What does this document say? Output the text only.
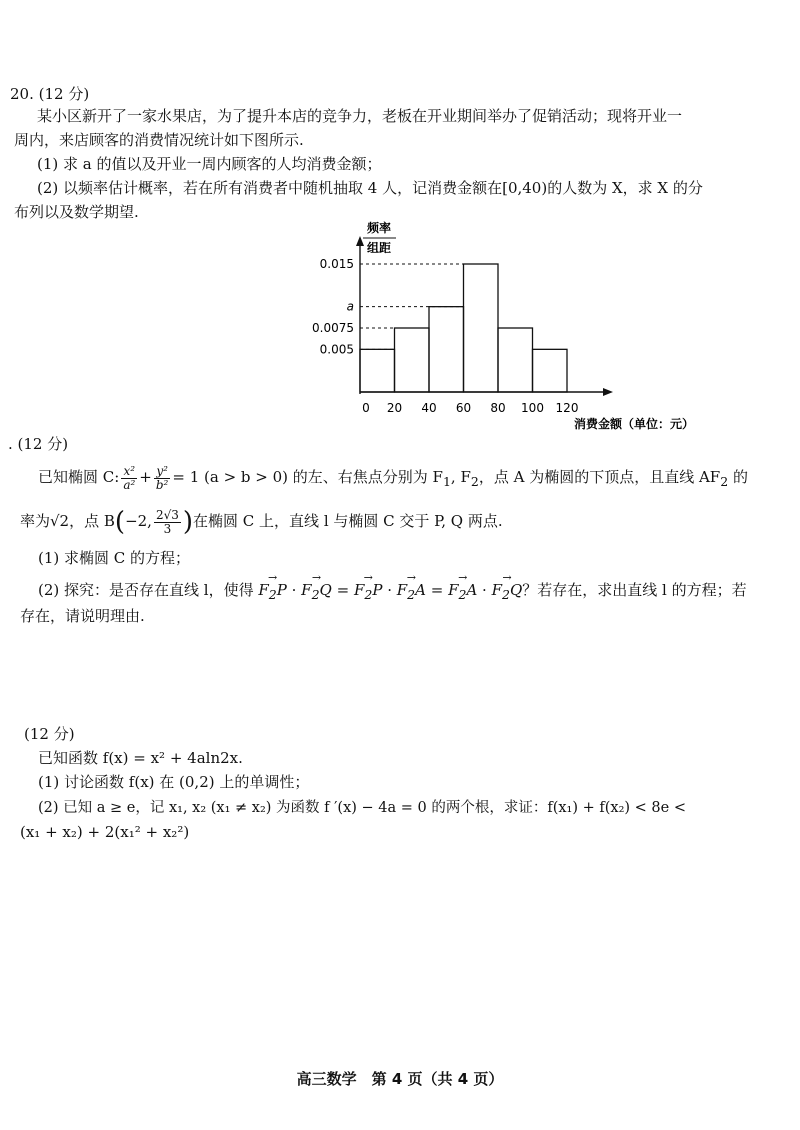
20. (12 分)
某小区新开了一家水果店，为了提升本店的竞争力，老板在开业期间举办了促销活动；现将开业一
周内，来店顾客的消费情况统计如下图所示.
(1) 求 a 的值以及开业一周内顾客的人均消费金额；
(2) 以频率估计概率，若在所有消费者中随机抽取 4 人，记消费金额在[0,40)的人数为 X，求 X 的分
布列以及数学期望.
频率
组距
0.005
0.0075
a
0.015
0 20 40 60 80 100 120
消费金额（单位：元）
. (12 分)
已知椭圆 C: $\frac{\text{x²}}{\text{a²}} + \frac{\text{y²}}{\text{b²}} = 1$ (a > b > 0) 的左、右焦点分别为 $F_1$, $F_2$，点 A 为椭圆的下顶点，且直线 $AF_2$ 的
率为√2，点 B(−2, $\frac{2√3}{3}$ )在椭圆 C 上，直线 l 与椭圆 C 交于 P, Q 两点.
(1) 求椭圆 C 的方程；
(2) 探究：是否存在直线 l，使得 → $F_2P$ · → $F_2Q$ = → $F_2P$ · → $F_2A$ = → $F_2A$ · → $F_2Q$？若存在，求出直线 l 的方程；若
存在，请说明理由.
(12 分)
已知函数 f(x) = x² + 4aln2x.
(1) 讨论函数 f(x) 在 (0,2) 上的单调性；
(2) 已知 a ≥ e，记 x₁, x₂ (x₁ ≠ x₂) 为函数 f ′(x) − 4a = 0 的两个根，求证：f(x₁) + f(x₂) < 8e <
(x₁ + x₂) + 2(x₁² + x₂²)
高三数学　第 4 页（共 4 页）
